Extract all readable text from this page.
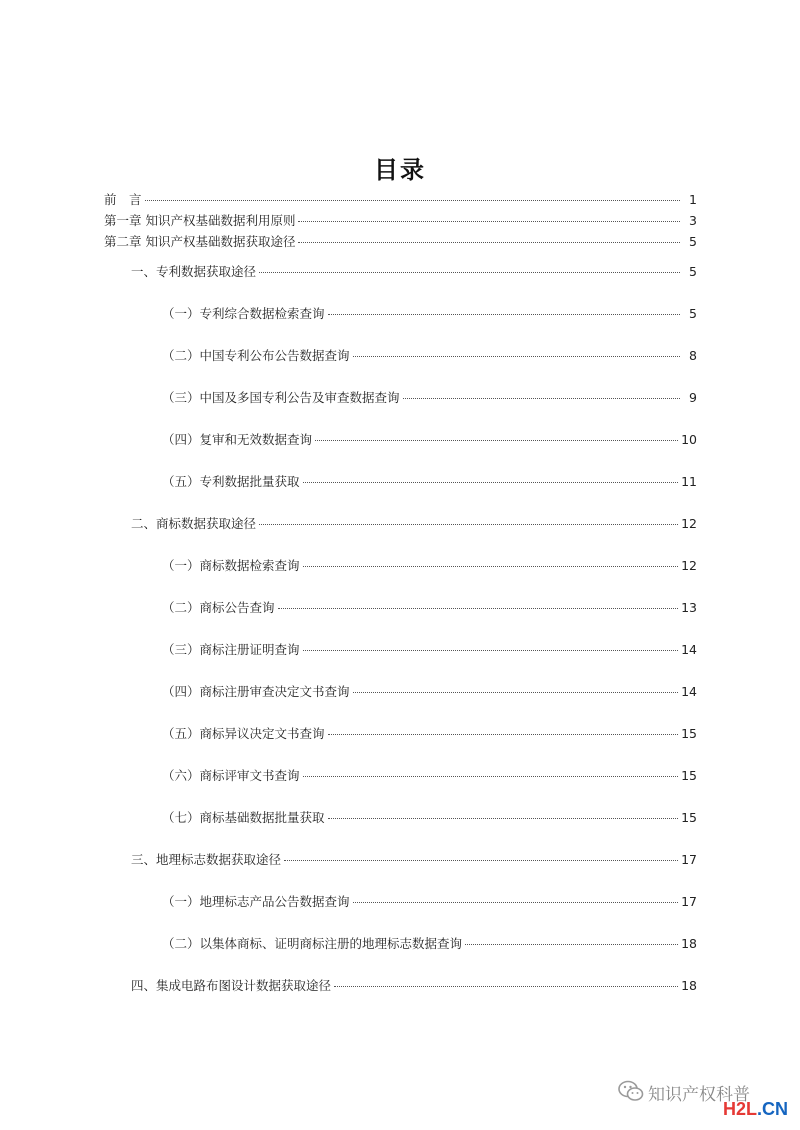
目录
前　言	1
第一章 知识产权基础数据利用原则	3
第二章 知识产权基础数据获取途径	5
一、专利数据获取途径	5
（一）专利综合数据检索查询	5
（二）中国专利公布公告数据查询	8
（三）中国及多国专利公告及审查数据查询	9
（四）复审和无效数据查询	10
（五）专利数据批量获取	11
二、商标数据获取途径	12
（一）商标数据检索查询	12
（二）商标公告查询	13
（三）商标注册证明查询	14
（四）商标注册审查决定文书查询	14
（五）商标异议决定文书查询	15
（六）商标评审文书查询	15
（七）商标基础数据批量获取	15
三、地理标志数据获取途径	17
（一）地理标志产品公告数据查询	17
（二）以集体商标、证明商标注册的地理标志数据查询	18
四、集成电路布图设计数据获取途径	18
知识产权科普
H2L.CN
